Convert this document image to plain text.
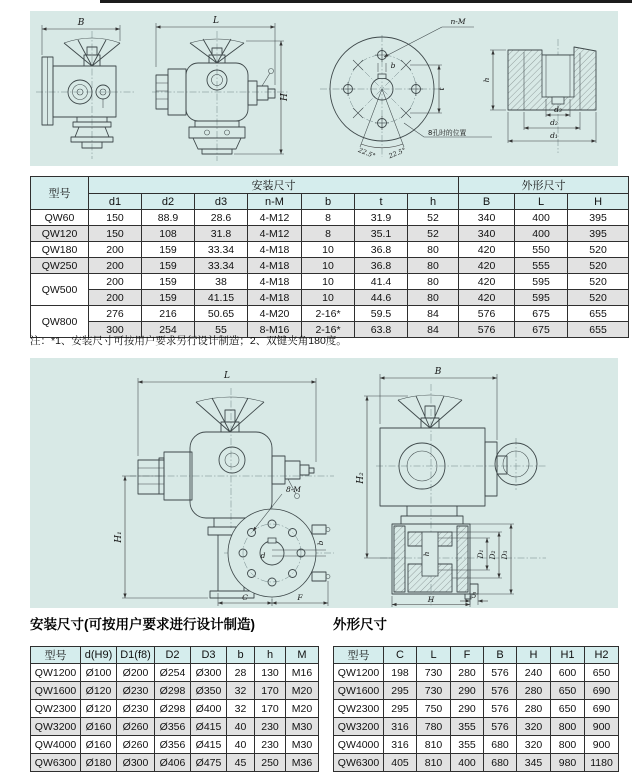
B	L
H
n-M
b
t
22.5° 22.5°
8孔时的位置
h
d₃
d₂
d₁
型号	安装尺寸							外形尺寸		
	d1	d2	d3	n-M	b	t	h	B	L	H
QW60	150	88.9	28.6	4-M12	8	31.9	52	340	400	395
QW120	150	108	31.8	4-M12	8	35.1	52	340	400	395
QW180	200	159	33.34	4-M18	10	36.8	80	420	550	520
QW250	200	159	33.34	4-M18	10	36.8	80	420	555	520
QW500	200	159	38	4-M18	10	41.4	80	420	595	520
	200	159	41.15	4-M18	10	44.6	80	420	595	520
QW800	276	216	50.65	4-M20	2-16*	59.5	84	576	675	655
	300	254	55	8-M16	2-16*	63.8	84	576	675	655
注：*1、安装尺寸可按用户要求另行设计制造；2、双键夹角180度。
b
d
8-M
H₁
L
C	F
h	D₁ D₂ D₃
H₂
B
5
H
安装尺寸(可按用户要求进行设计制造)	外形尺寸
型号	d(H9)	D1(f8)	D2	D3	b	h	M
QW1200	Ø100	Ø200	Ø254	Ø300	28	130	M16
QW1600	Ø120	Ø230	Ø298	Ø350	32	170	M20
QW2300	Ø120	Ø230	Ø298	Ø400	32	170	M20
QW3200	Ø160	Ø260	Ø356	Ø415	40	230	M30
QW4000	Ø160	Ø260	Ø356	Ø415	40	230	M30
QW6300	Ø180	Ø300	Ø406	Ø475	45	250	M36
型号	C	L	F	B	H	H1	H2
QW1200	198	730	280	576	240	600	650
QW1600	295	730	290	576	280	650	690
QW2300	295	750	290	576	280	650	690
QW3200	316	780	355	576	320	800	900
QW4000	316	810	355	680	320	800	900
QW6300	405	810	400	680	345	980	1180
